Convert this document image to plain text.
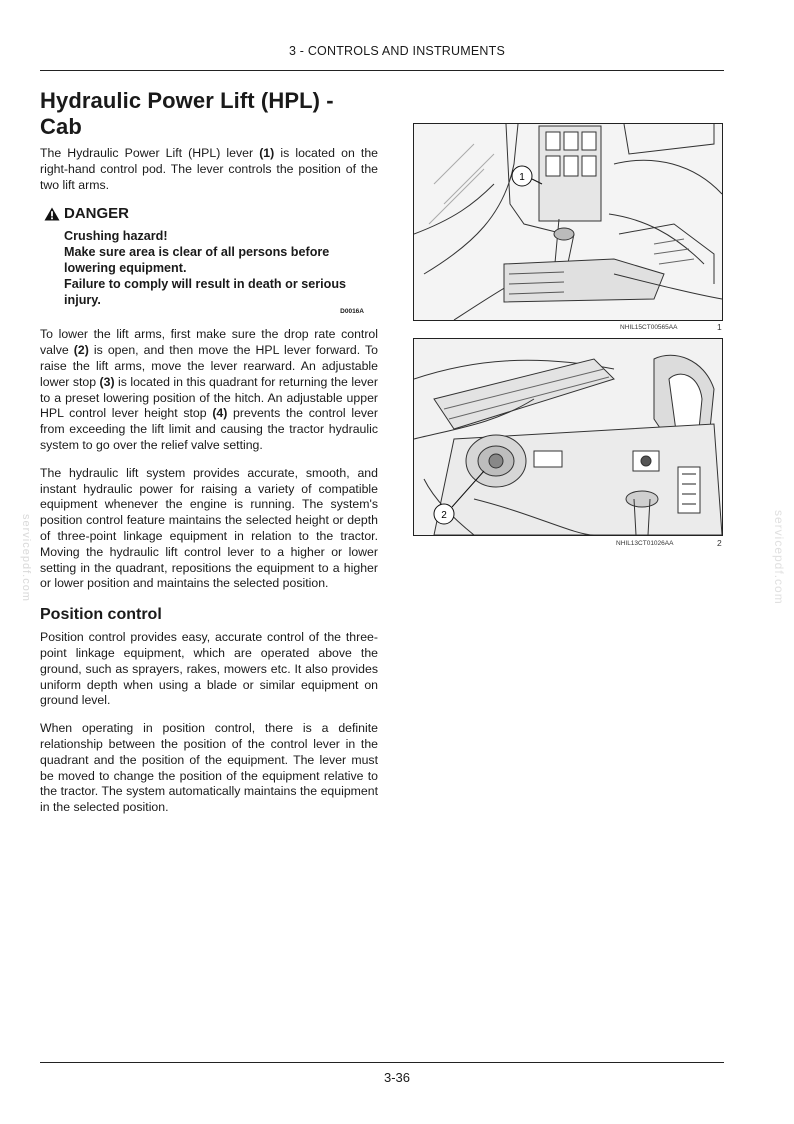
3 - CONTROLS AND INSTRUMENTS
servicepdf.com	servicepdf.com
Hydraulic Power Lift (HPL) - Cab

The Hydraulic Power Lift (HPL) lever (1) is located on the right-hand control pod. The lever controls the position of the two lift arms.

DANGER
Crushing hazard!
Make sure area is clear of all persons before lowering equipment.
Failure to comply will result in death or serious injury.
D0016A

To lower the lift arms, first make sure the drop rate control valve (2) is open, and then move the HPL lever forward. To raise the lift arms, move the lever rearward. An adjustable lower stop (3) is located in this quadrant for returning the lever to a preset lowering position of the hitch. An adjustable upper HPL control lever height stop (4) prevents the control lever from exceeding the lift limit and causing the tractor hydraulic system to go over the relief valve setting.

The hydraulic lift system provides accurate, smooth, and instant hydraulic power for raising a variety of compatible equipment whenever the engine is running. The system's position control feature maintains the selected height or depth of three-point linkage equipment in relation to the tractor. Moving the hydraulic lift control lever to a higher or lower setting in the quadrant, repositions the equipment to a higher or lower position and maintains the selected position.

Position control

Position control provides easy, accurate control of the three-point linkage equipment, which are operated above the ground, such as sprayers, rakes, mowers etc. It also provides uniform depth when using a blade or similar equipment on ground level.

When operating in position control, there is a definite relationship between the position of the control lever in the quadrant and the position of the equipment. The lever must be moved to change the position of the equipment relative to the tractor. The system automatically maintains the equipment in the selected position.

1
NHIL15CT00565AA	1
2
NHIL13CT01026AA	2
3-36
